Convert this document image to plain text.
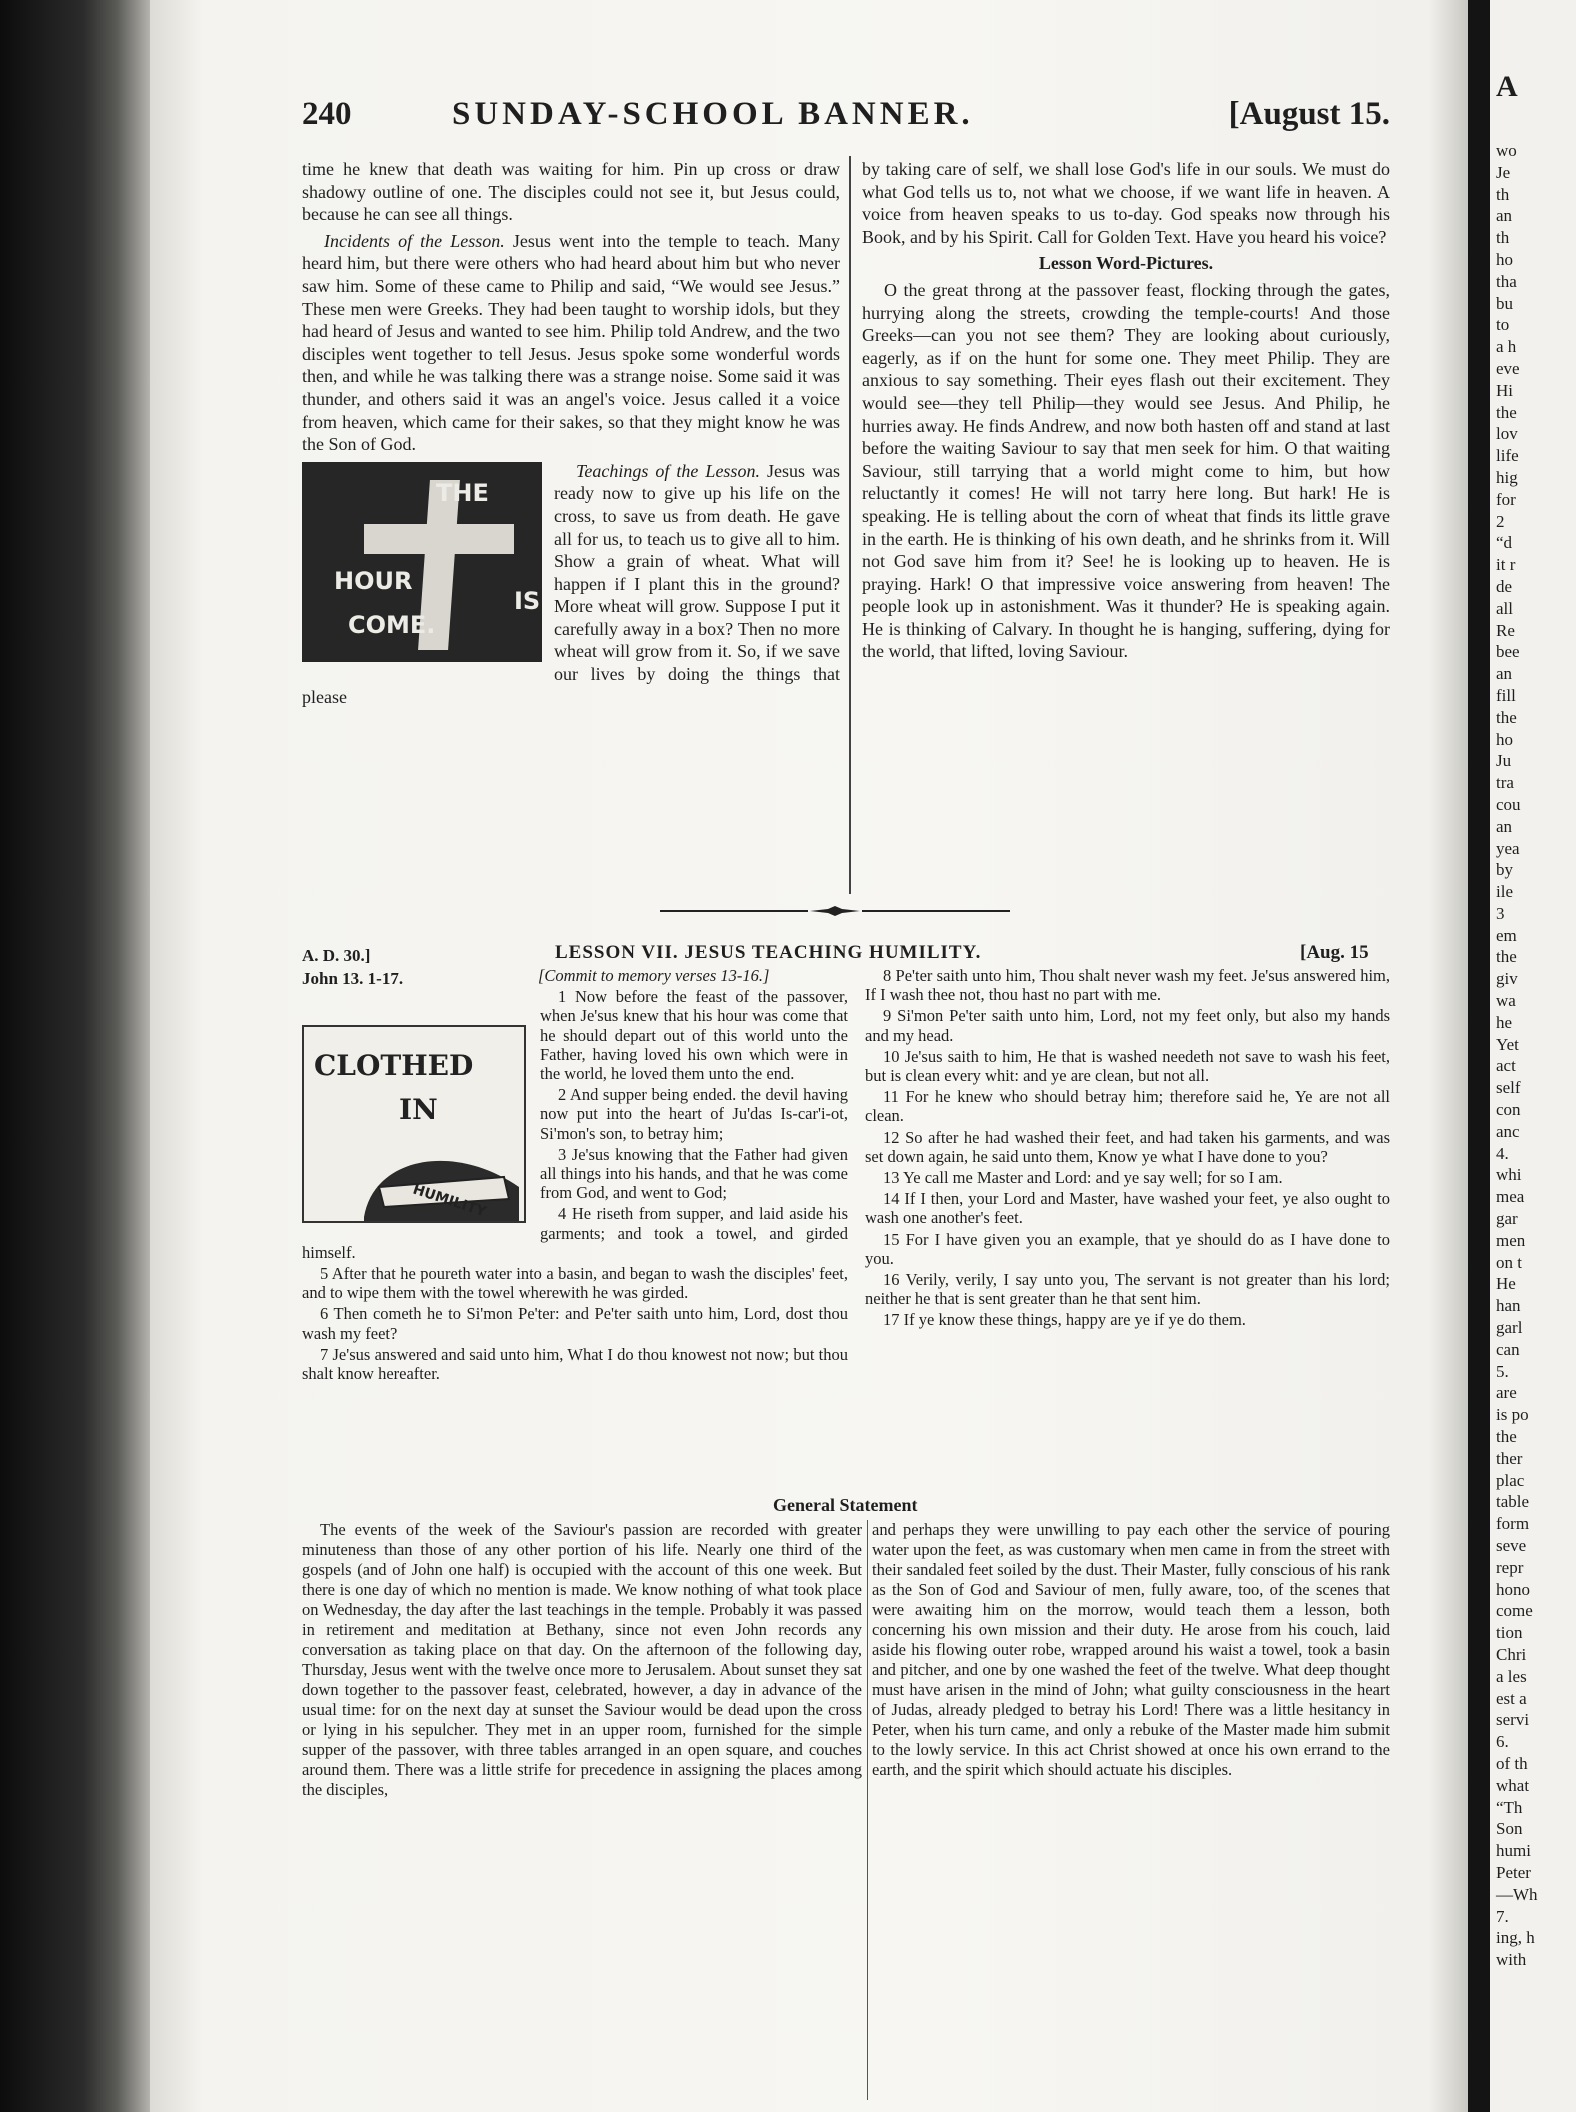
240	SUNDAY-SCHOOL BANNER.	[August 15.

time he knew that death was waiting for him. Pin up cross or draw shadowy outline of one. The disciples could not see it, but Jesus could, because he can see all things.

Incidents of the Lesson. Jesus went into the temple to teach. Many heard him, but there were others who had heard about him but who never saw him. Some of these came to Philip and said, “We would see Jesus.” These men were Greeks. They had been taught to worship idols, but they had heard of Jesus and wanted to see him. Philip told Andrew, and the two disciples went together to tell Jesus. Jesus spoke some wonderful words then, and while he was talking there was a strange noise. Some said it was thunder, and others said it was an angel's voice. Jesus called it a voice from heaven, which came for their sakes, so that they might know he was the Son of God.

THE
HOUR
IS
COME.
Teachings of the Lesson. Jesus was ready now to give up his life on the cross, to save us from death. He gave all for us, to teach us to give all to him. Show a grain of wheat. What will happen if I plant this in the ground? More wheat will grow. Suppose I put it carefully away in a box? Then no more wheat will grow from it. So, if we save our lives by doing the things that please

by taking care of self, we shall lose God's life in our souls. We must do what God tells us to, not what we choose, if we want life in heaven. A voice from heaven speaks to us to-day. God speaks now through his Book, and by his Spirit. Call for Golden Text. Have you heard his voice?

Lesson Word-Pictures.

O the great throng at the passover feast, flocking through the gates, hurrying along the streets, crowding the temple-courts! And those Greeks—can you not see them? They are looking about curiously, eagerly, as if on the hunt for some one. They meet Philip. They are anxious to say something. Their eyes flash out their excitement. They would see—they tell Philip—they would see Jesus. And Philip, he hurries away. He finds Andrew, and now both hasten off and stand at last before the waiting Saviour to say that men seek for him. O that waiting Saviour, still tarrying that a world might come to him, but how reluctantly it comes! He will not tarry here long. But hark! He is speaking. He is telling about the corn of wheat that finds its little grave in the earth. He is thinking of his own death, and he shrinks from it. Will not God save him from it? See! he is looking up to heaven. He is praying. Hark! O that impressive voice answering from heaven! The people look up in astonishment. Was it thunder? He is speaking again. He is thinking of Calvary. In thought he is hanging, suffering, dying for the world, that lifted, loving Saviour.

A. D. 30.]
John 13. 1-17.
LESSON VII. JESUS TEACHING HUMILITY.	[Aug. 15

[Commit to memory verses 13-16.]

CLOTHED
IN
HUMILITY

1 Now before the feast of the passover, when Je'sus knew that his hour was come that he should depart out of this world unto the Father, having loved his own which were in the world, he loved them unto the end.

2 And supper being ended. the devil having now put into the heart of Ju'das Is-car'i-ot, Si'mon's son, to betray him;

3 Je'sus knowing that the Father had given all things into his hands, and that he was come from God, and went to God;

4 He riseth from supper, and laid aside his garments; and took a towel, and girded himself.

5 After that he poureth water into a basin, and began to wash the disciples' feet, and to wipe them with the towel wherewith he was girded.

6 Then cometh he to Si'mon Pe'ter: and Pe'ter saith unto him, Lord, dost thou wash my feet?

7 Je'sus answered and said unto him, What I do thou knowest not now; but thou shalt know hereafter.

8 Pe'ter saith unto him, Thou shalt never wash my feet. Je'sus answered him, If I wash thee not, thou hast no part with me.

9 Si'mon Pe'ter saith unto him, Lord, not my feet only, but also my hands and my head.

10 Je'sus saith to him, He that is washed needeth not save to wash his feet, but is clean every whit: and ye are clean, but not all.

11 For he knew who should betray him; therefore said he, Ye are not all clean.

12 So after he had washed their feet, and had taken his garments, and was set down again, he said unto them, Know ye what I have done to you?

13 Ye call me Master and Lord: and ye say well; for so I am.

14 If I then, your Lord and Master, have washed your feet, ye also ought to wash one another's feet.

15 For I have given you an example, that ye should do as I have done to you.

16 Verily, verily, I say unto you, The servant is not greater than his lord; neither he that is sent greater than he that sent him.

17 If ye know these things, happy are ye if ye do them.

General Statement

The events of the week of the Saviour's passion are recorded with greater minuteness than those of any other portion of his life. Nearly one third of the gospels (and of John one half) is occupied with the account of this one week. But there is one day of which no mention is made. We know nothing of what took place on Wednesday, the day after the last teachings in the temple. Probably it was passed in retirement and meditation at Bethany, since not even John records any conversation as taking place on that day. On the afternoon of the following day, Thursday, Jesus went with the twelve once more to Jerusalem. About sunset they sat down together to the passover feast, celebrated, however, a day in advance of the usual time: for on the next day at sunset the Saviour would be dead upon the cross or lying in his sepulcher. They met in an upper room, furnished for the simple supper of the passover, with three tables arranged in an open square, and couches around them. There was a little strife for precedence in assigning the places among the disciples,

and perhaps they were unwilling to pay each other the service of pouring water upon the feet, as was customary when men came in from the street with their sandaled feet soiled by the dust. Their Master, fully conscious of his rank as the Son of God and Saviour of men, fully aware, too, of the scenes that were awaiting him on the morrow, would teach them a lesson, both concerning his own mission and their duty. He arose from his couch, laid aside his flowing outer robe, wrapped around his waist a towel, took a basin and pitcher, and one by one washed the feet of the twelve. What deep thought must have arisen in the mind of John; what guilty consciousness in the heart of Judas, already pledged to betray his Lord! There was a little hesitancy in Peter, when his turn came, and only a rebuke of the Master made him submit to the lowly service. In this act Christ showed at once his own errand to the earth, and the spirit which should actuate his disciples.

A
wo
Je
th
an
th
ho
tha
bu
to
a h
eve
Hi
the
lov
life
hig
for
2
“d
it r
de
all
Re
bee
an
fill
the
ho
Ju
tra
cou
an
yea
by
ile
3
em
the
giv
wa
he
Yet
act
self
con
anc
4.
whi
mea
gar
men
on t
He
han
garl
can
5.
are
is po
the
ther
plac
table
form
seve
repr
hono
come
tion
Chri
a les
est a
servi
6.
of th
what
“Th
Son
humi
Peter
—Wh
7.
ing, h
with
